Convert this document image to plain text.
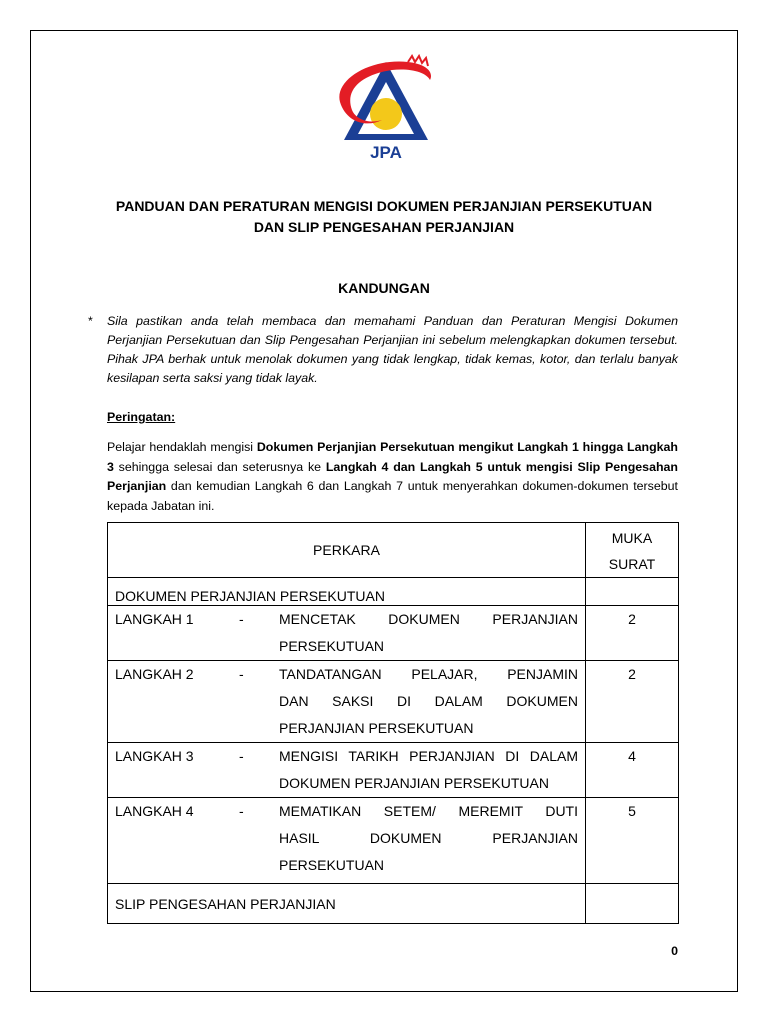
JPA
PANDUAN DAN PERATURAN MENGISI DOKUMEN PERJANJIAN PERSEKUTUAN
DAN SLIP PENGESAHAN PERJANJIAN
KANDUNGAN
* Sila pastikan anda telah membaca dan memahami Panduan dan Peraturan Mengisi Dokumen Perjanjian Persekutuan dan Slip Pengesahan Perjanjian ini sebelum melengkapkan dokumen tersebut. Pihak JPA berhak untuk menolak dokumen yang tidak lengkap, tidak kemas, kotor, dan terlalu banyak kesilapan serta saksi yang tidak layak.
Peringatan:
Pelajar hendaklah mengisi Dokumen Perjanjian Persekutuan mengikut Langkah 1 hingga Langkah 3 sehingga selesai dan seterusnya ke Langkah 4 dan Langkah 5 untuk mengisi Slip Pengesahan Perjanjian dan kemudian Langkah 6 dan Langkah 7 untuk menyerahkan dokumen-dokumen tersebut kepada Jabatan ini.
PERKARA	MUKA
SURAT

DOKUMEN PERJANJIAN PERSEKUTUAN	

LANGKAH 1 - MENCETAK DOKUMEN PERJANJIAN
PERSEKUTUAN	2

LANGKAH 2 - TANDATANGAN PELAJAR, PENJAMIN
DAN SAKSI DI DALAM DOKUMEN
PERJANJIAN PERSEKUTUAN	2

LANGKAH 3 - MENGISI TARIKH PERJANJIAN DI DALAM
DOKUMEN PERJANJIAN PERSEKUTUAN	4

LANGKAH 4 - MEMATIKAN SETEM/ MEREMIT DUTI
HASIL DOKUMEN PERJANJIAN
PERSEKUTUAN	5
SLIP PENGESAHAN PERJANJIAN	
0
